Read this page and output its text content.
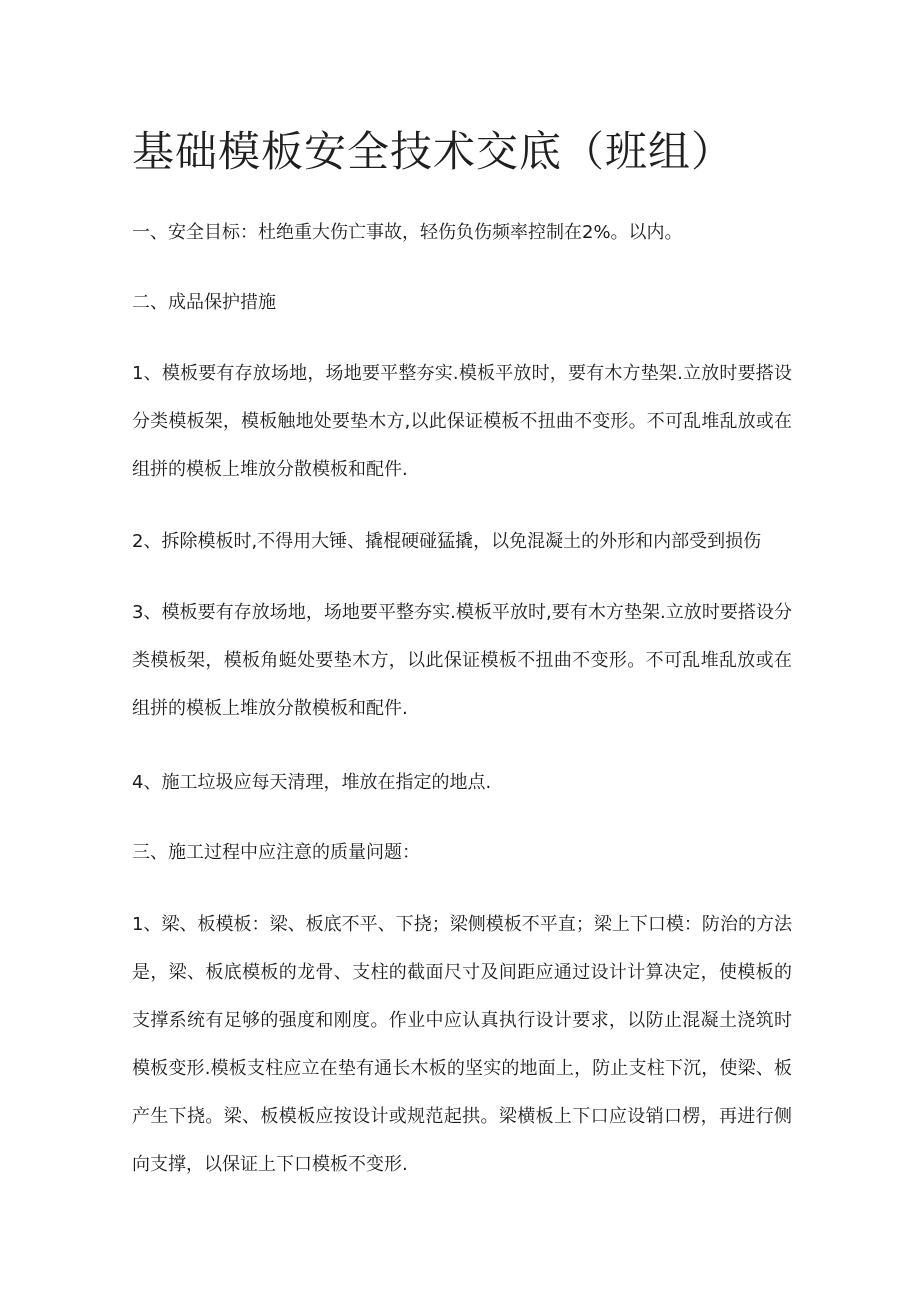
基础模板安全技术交底（班组）

一、安全目标：杜绝重大伤亡事故，轻伤负伤频率控制在2%。以内。

二、成品保护措施

1、模板要有存放场地，场地要平整夯实.模板平放时，要有木方垫架.立放时要搭设分类模板架，模板触地处要垫木方,以此保证模板不扭曲不变形。不可乱堆乱放或在组拼的模板上堆放分散模板和配件.

2、拆除模板时,不得用大锤、撬棍硬碰猛撬，以免混凝土的外形和内部受到损伤

3、模板要有存放场地，场地要平整夯实.模板平放时,要有木方垫架.立放时要搭设分类模板架，模板角蜓处要垫木方，以此保证模板不扭曲不变形。不可乱堆乱放或在组拼的模板上堆放分散模板和配件.

4、施工垃圾应每天清理，堆放在指定的地点.

三、施工过程中应注意的质量问题：

1、梁、板模板：梁、板底不平、下挠；梁侧模板不平直；梁上下口模：防治的方法是，梁、板底模板的龙骨、支柱的截面尺寸及间距应通过设计计算决定，使模板的支撑系统有足够的强度和刚度。作业中应认真执行设计要求，以防止混凝土浇筑时模板变形.模板支柱应立在垫有通长木板的坚实的地面上，防止支柱下沉，使梁、板产生下挠。梁、板模板应按设计或规范起拱。梁横板上下口应设销口楞，再进行侧向支撑，以保证上下口模板不变形.
